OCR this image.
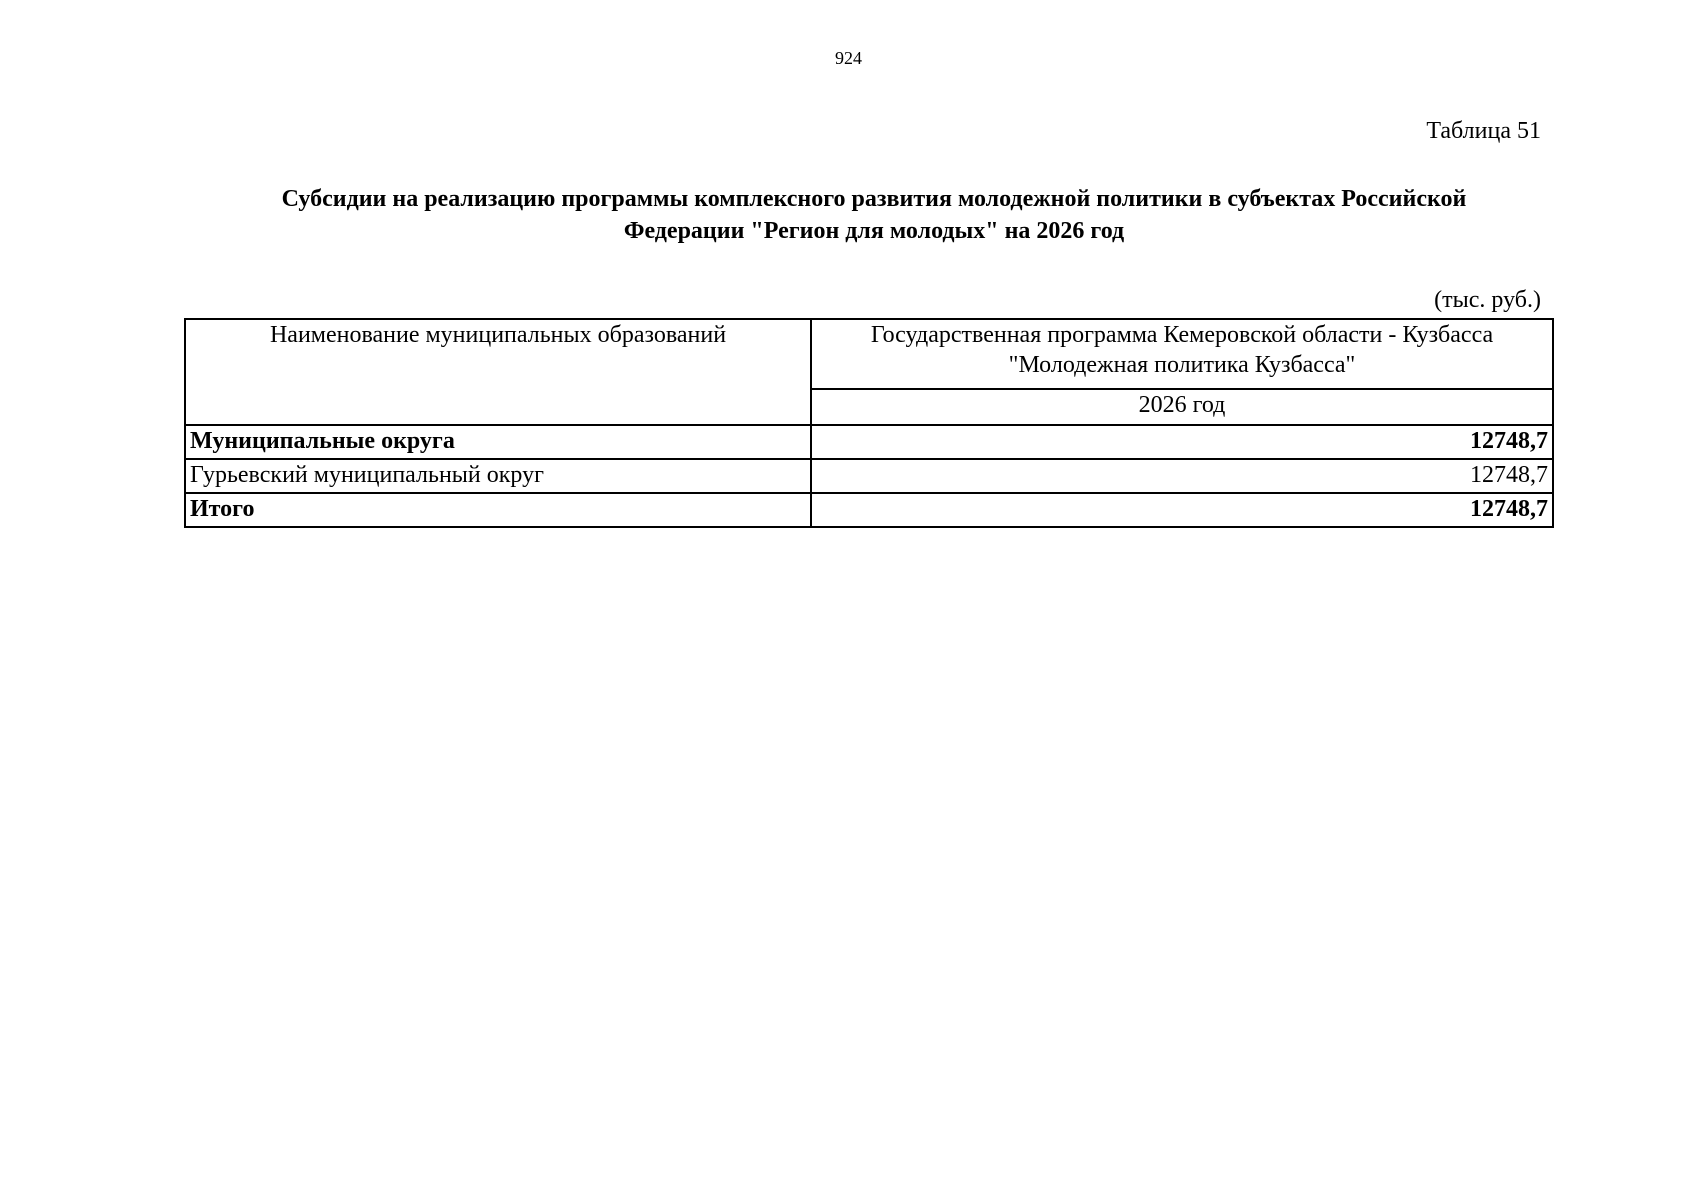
924
Таблица 51
Субсидии на реализацию программы комплексного развития молодежной политики в субъектах Российской
Федерации "Регион для молодых" на 2026 год
(тыс. руб.)
Наименование муниципальных образований	Государственная программа Кемеровской области - Кузбасса
"Молодежная политика Кузбасса"

	2026 год
Муниципальные округа	12748,7
Гурьевский муниципальный округ	12748,7
Итого	12748,7
